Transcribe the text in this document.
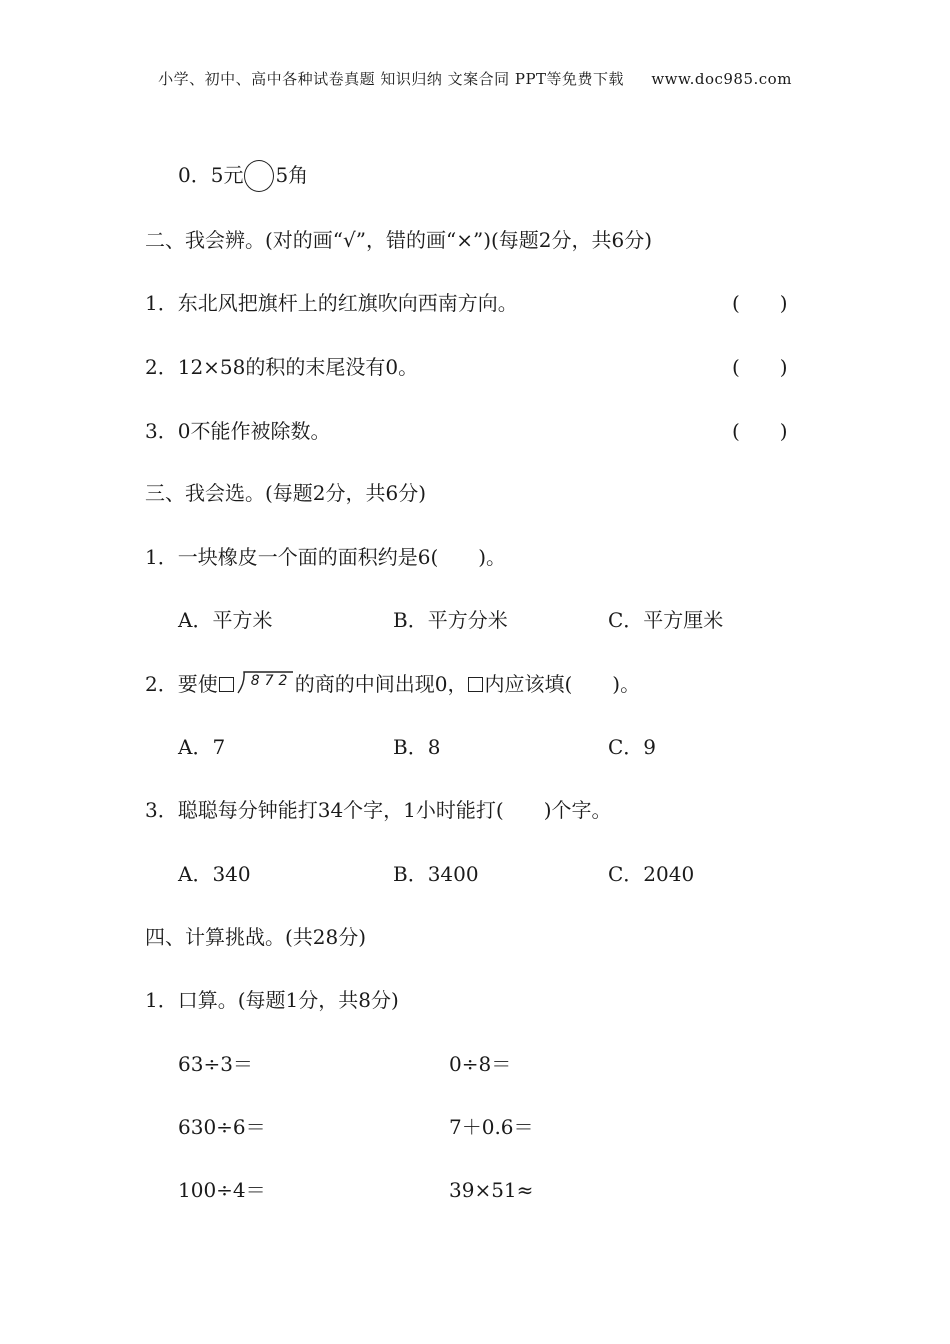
小学、初中、高中各种试卷真题 知识归纳 文案合同 PPT等免费下载 www.doc985.com
0．5元 5角
二、我会辨。(对的画“√”，错的画“×”)(每题2分，共6分)
1．东北风把旗杆上的红旗吹向西南方向。	(　　)
2．12×58的积的末尾没有0。	(　　)
3．0不能作被除数。	(　　)
三、我会选。(每题2分，共6分)
1．一块橡皮一个面的面积约是6(　　)。
A．平方米	B．平方分米	C．平方厘米
2．要使 872 的商的中间出现0， 内应该填(　　)。
A．7	B．8	C．9
3．聪聪每分钟能打34个字，1小时能打(　　)个字。
A．340	B．3400	C．2040
四、计算挑战。(共28分)
1．口算。(每题1分，共8分)
63÷3＝	0÷8＝
630÷6＝	7＋0.6＝
100÷4＝	39×51≈
